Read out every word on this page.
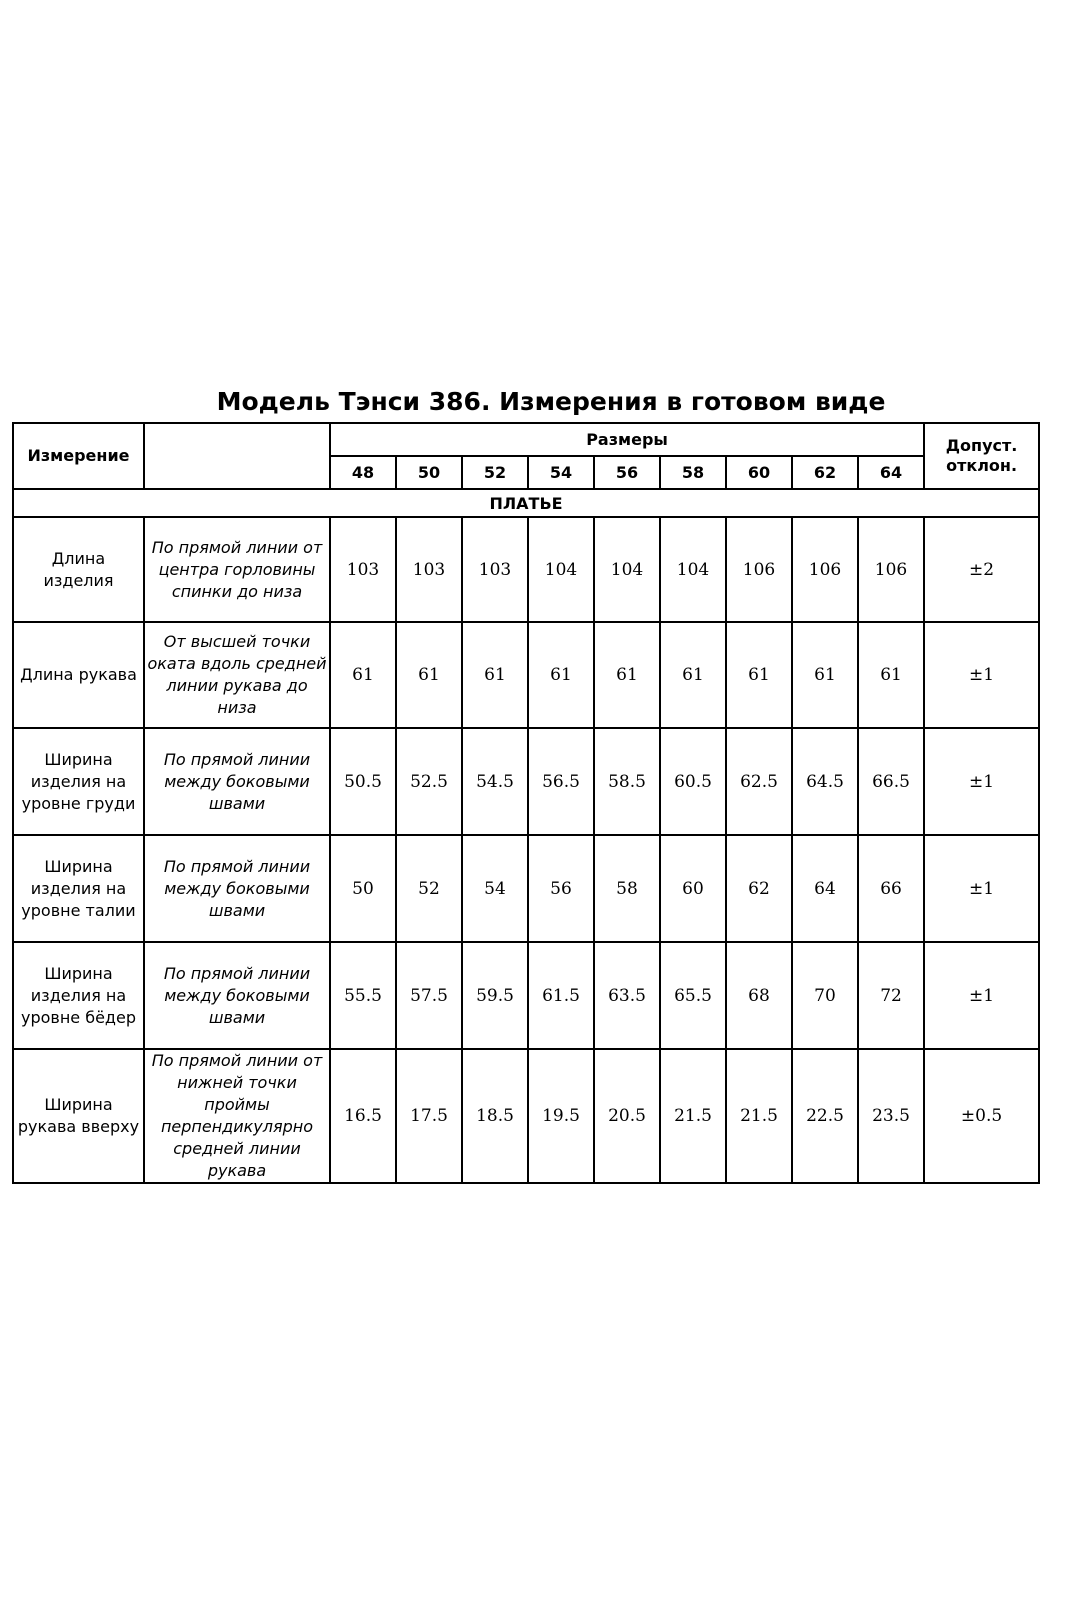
Модель Тэнси 386. Измерения в готовом виде
Измерение		Размеры									Допуст. отклон.
		48	50	52	54	56	58	60	62	64	
ПЛАТЬЕ											
Длина изделия	По прямой линии от центра горловины спинки до низа	103	103	103	104	104	104	106	106	106	±2
Длина рукава	От высшей точки оката вдоль средней линии рукава до низа	61	61	61	61	61	61	61	61	61	±1
Ширина изделия на уровне груди	По прямой линии между боковыми швами	50.5	52.5	54.5	56.5	58.5	60.5	62.5	64.5	66.5	±1
Ширина изделия на уровне талии	По прямой линии между боковыми швами	50	52	54	56	58	60	62	64	66	±1
Ширина изделия на уровне бёдер	По прямой линии между боковыми швами	55.5	57.5	59.5	61.5	63.5	65.5	68	70	72	±1
Ширина рукава вверху	По прямой линии от нижней точки проймы перпендикулярно средней линии рукава	16.5	17.5	18.5	19.5	20.5	21.5	21.5	22.5	23.5	±0.5
